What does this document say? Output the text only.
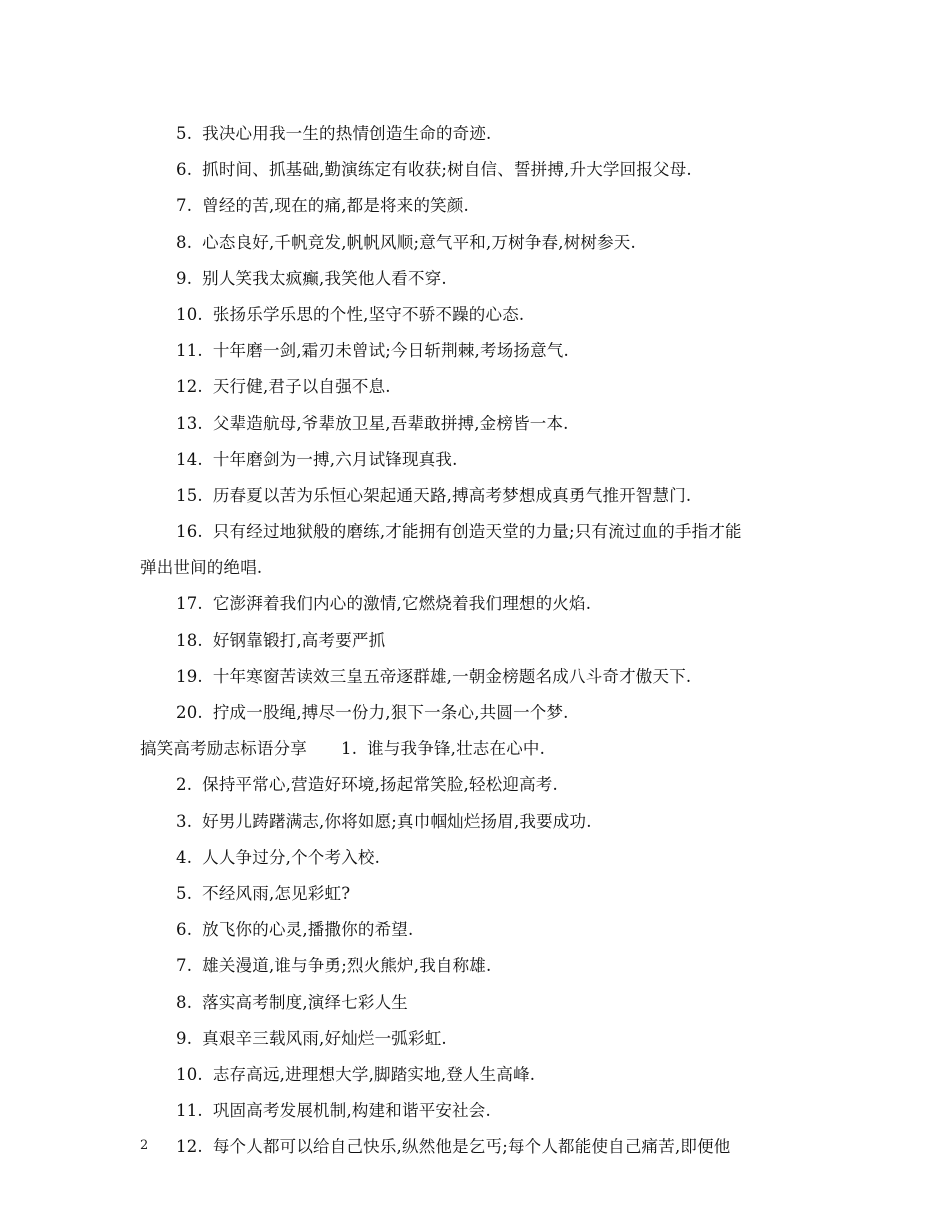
5. 我决心用我一生的热情创造生命的奇迹.
6. 抓时间、抓基础,勤演练定有收获;树自信、誓拼搏,升大学回报父母.
7. 曾经的苦,现在的痛,都是将来的笑颜.
8. 心态良好,千帆竞发,帆帆风顺;意气平和,万树争春,树树参天.
9. 别人笑我太疯癫,我笑他人看不穿.
10. 张扬乐学乐思的个性,坚守不骄不躁的心态.
11. 十年磨一剑,霜刃未曾试;今日斩荆棘,考场扬意气.
12. 天行健,君子以自强不息.
13. 父辈造航母,爷辈放卫星,吾辈敢拼搏,金榜皆一本.
14. 十年磨剑为一搏,六月试锋现真我.
15. 历春夏以苦为乐恒心架起通天路,搏高考梦想成真勇气推开智慧门.
16. 只有经过地狱般的磨练,才能拥有创造天堂的力量;只有流过血的手指才能
弹出世间的绝唱.
17. 它澎湃着我们内心的激情,它燃烧着我们理想的火焰.
18. 好钢靠锻打,高考要严抓
19. 十年寒窗苦读效三皇五帝逐群雄,一朝金榜题名成八斗奇才傲天下.
20. 拧成一股绳,搏尽一份力,狠下一条心,共圆一个梦.
搞笑高考励志标语分享 1. 谁与我争锋,壮志在心中.
2. 保持平常心,营造好环境,扬起常笑脸,轻松迎高考.
3. 好男儿踌躇满志,你将如愿;真巾帼灿烂扬眉,我要成功.
4. 人人争过分,个个考入校.
5. 不经风雨,怎见彩虹?
6. 放飞你的心灵,播撒你的希望.
7. 雄关漫道,谁与争勇;烈火熊炉,我自称雄.
8. 落实高考制度,演绎七彩人生
9. 真艰辛三载风雨,好灿烂一弧彩虹.
10. 志存高远,进理想大学,脚踏实地,登人生高峰.
11. 巩固高考发展机制,构建和谐平安社会.
12. 每个人都可以给自己快乐,纵然他是乞丐;每个人都能使自己痛苦,即便他
2
